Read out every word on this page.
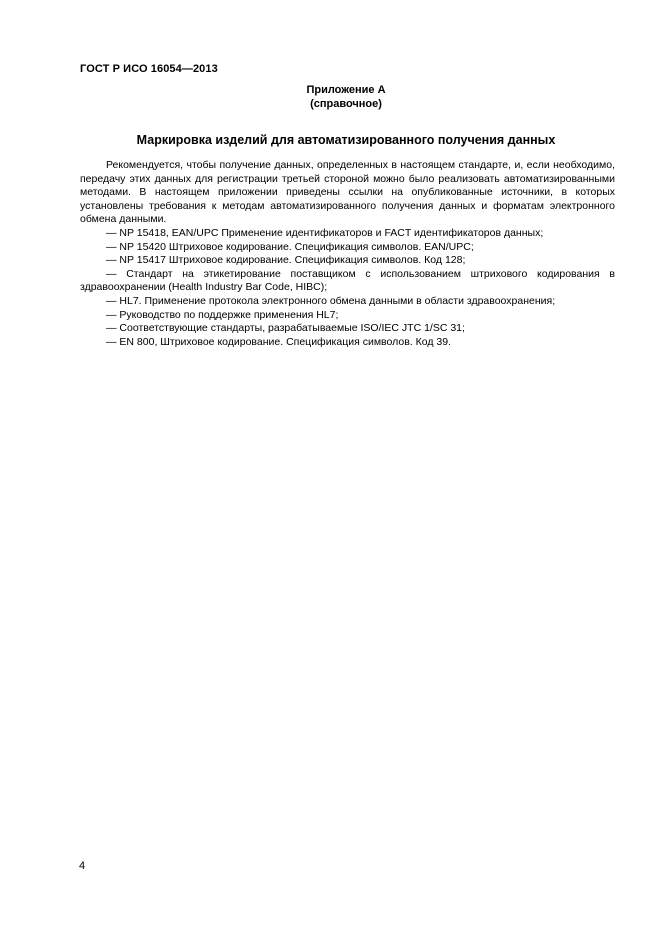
ГОСТ Р ИСО 16054—2013
Приложение А
(справочное)
Маркировка изделий для автоматизированного получения данных

Рекомендуется, чтобы получение данных, определенных в настоящем стандарте, и, если необходимо, передачу этих данных для регистрации третьей стороной можно было реализовать автоматизированными методами. В настоящем приложении приведены ссылки на опубликованные источники, в которых установлены требования к методам автоматизированного получения данных и форматам электронного обмена данными.

— NP 15418, EAN/UPC Применение идентификаторов и FACT идентификаторов данных;
— NP 15420 Штриховое кодирование. Спецификация символов. EAN/UPC;
— NP 15417 Штриховое кодирование. Спецификация символов. Код 128;
— Стандарт на этикетирование поставщиком с использованием штрихового кодирования в здравоохранении (Health Industry Bar Code, HIBC);
— HL7. Применение протокола электронного обмена данными в области здравоохранения;
— Руководство по поддержке применения HL7;
— Соответствующие стандарты, разрабатываемые ISO/IEC JTC 1/SC 31;
— EN 800, Штриховое кодирование. Спецификация символов. Код 39.
4
